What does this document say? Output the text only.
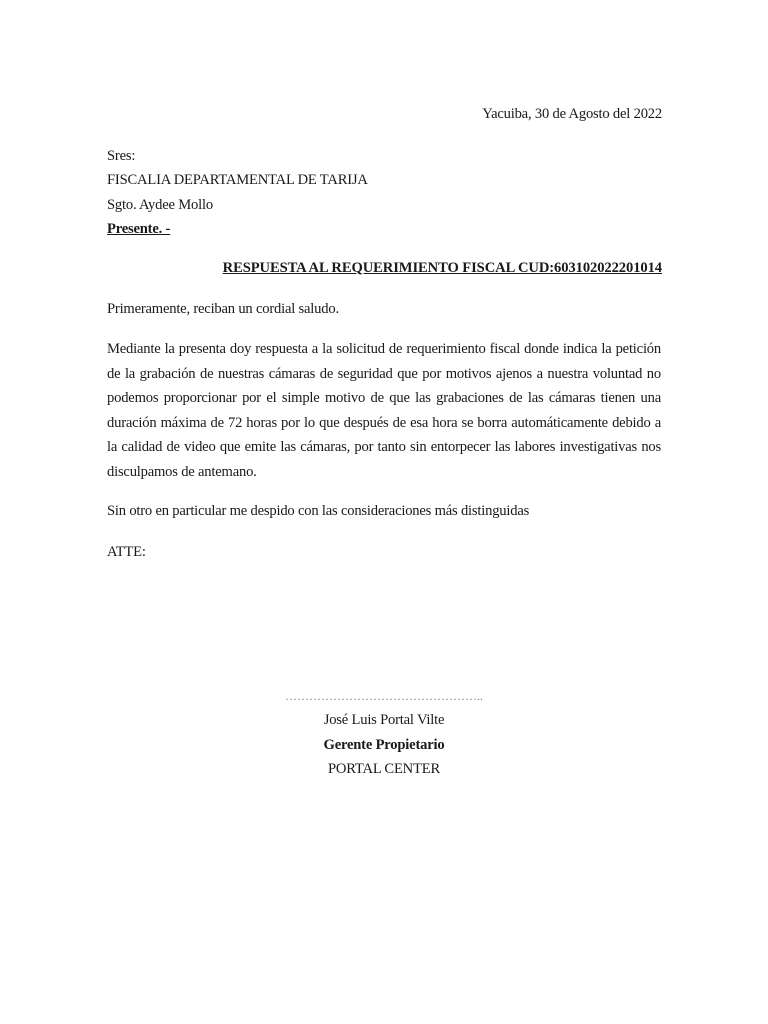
Yacuiba, 30 de Agosto del 2022
Sres:
FISCALIA DEPARTAMENTAL DE TARIJA
Sgto. Aydee Mollo
Presente. -
RESPUESTA AL REQUERIMIENTO FISCAL CUD:603102022201014
Primeramente, reciban un cordial saludo.
Mediante la presenta doy respuesta a la solicitud de requerimiento fiscal donde indica la petición de la grabación de nuestras cámaras de seguridad que por motivos ajenos a nuestra voluntad no podemos proporcionar por el simple motivo de que las grabaciones de las cámaras tienen una duración máxima de 72 horas por lo que después de esa hora se borra automáticamente debido a la calidad de video que emite las cámaras, por tanto sin entorpecer las labores investigativas nos disculpamos de antemano.
Sin otro en particular me despido con las consideraciones más distinguidas
ATTE:
…………………………………………..
José Luis Portal Vilte
Gerente Propietario
PORTAL CENTER
